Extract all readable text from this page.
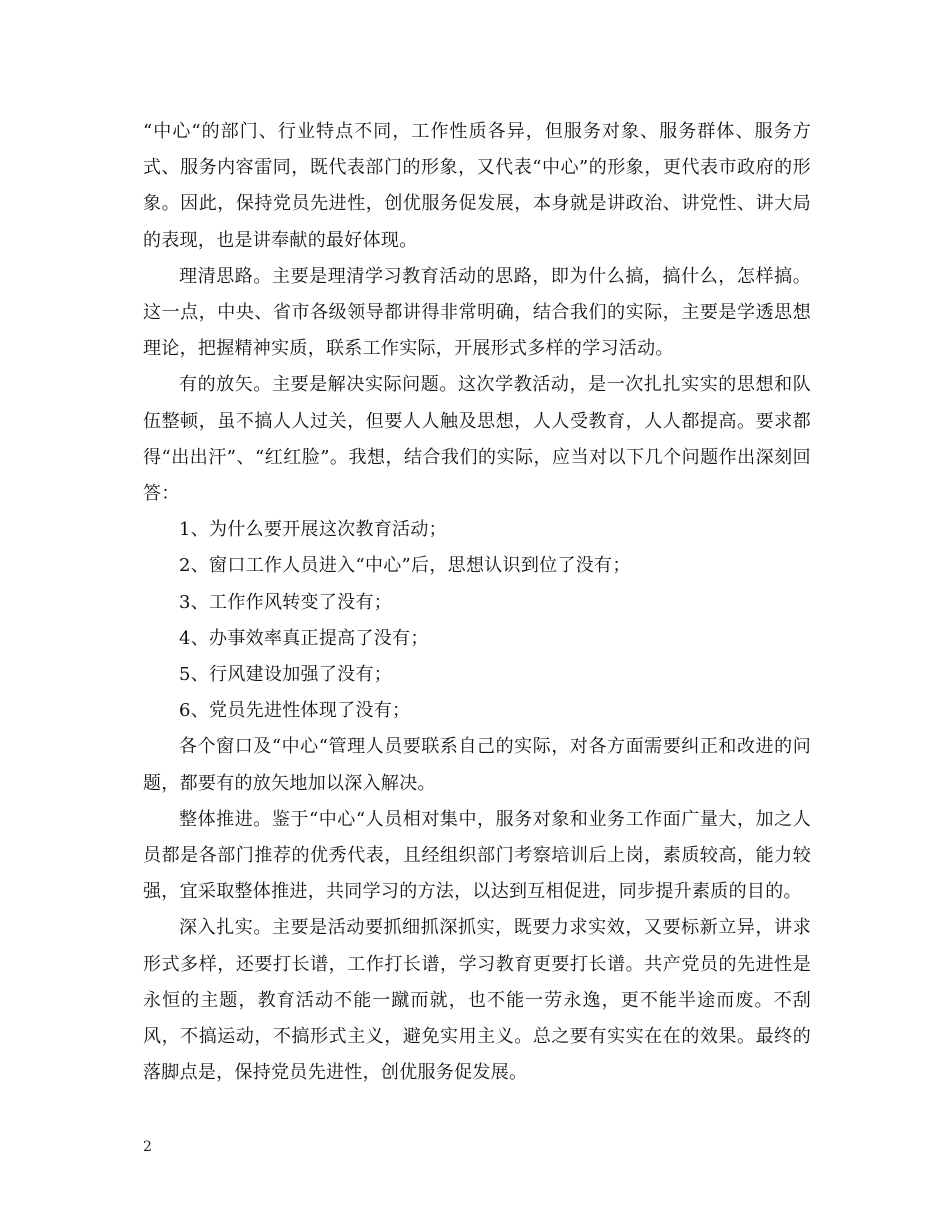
“中心“的部门、行业特点不同，工作性质各异，但服务对象、服务群体、服务方式、服务内容雷同，既代表部门的形象，又代表“中心”的形象，更代表市政府的形象。因此，保持党员先进性，创优服务促发展，本身就是讲政治、讲党性、讲大局的表现，也是讲奉献的最好体现。

理清思路。主要是理清学习教育活动的思路，即为什么搞，搞什么，怎样搞。这一点，中央、省市各级领导都讲得非常明确，结合我们的实际，主要是学透思想理论，把握精神实质，联系工作实际，开展形式多样的学习活动。

有的放矢。主要是解决实际问题。这次学教活动，是一次扎扎实实的思想和队伍整顿，虽不搞人人过关，但要人人触及思想，人人受教育，人人都提高。要求都得“出出汗”、“红红脸”。我想，结合我们的实际，应当对以下几个问题作出深刻回答：

1、为什么要开展这次教育活动；

2、窗口工作人员进入“中心”后，思想认识到位了没有；

3、工作作风转变了没有；

4、办事效率真正提高了没有；

5、行风建设加强了没有；

6、党员先进性体现了没有；

各个窗口及“中心“管理人员要联系自己的实际，对各方面需要纠正和改进的问题，都要有的放矢地加以深入解决。

整体推进。鉴于“中心“人员相对集中，服务对象和业务工作面广量大，加之人员都是各部门推荐的优秀代表，且经组织部门考察培训后上岗，素质较高，能力较强，宜采取整体推进，共同学习的方法，以达到互相促进，同步提升素质的目的。

深入扎实。主要是活动要抓细抓深抓实，既要力求实效，又要标新立异，讲求形式多样，还要打长谱，工作打长谱，学习教育更要打长谱。共产党员的先进性是永恒的主题，教育活动不能一蹴而就，也不能一劳永逸，更不能半途而废。不刮风，不搞运动，不搞形式主义，避免实用主义。总之要有实实在在的效果。最终的落脚点是，保持党员先进性，创优服务促发展。

2
